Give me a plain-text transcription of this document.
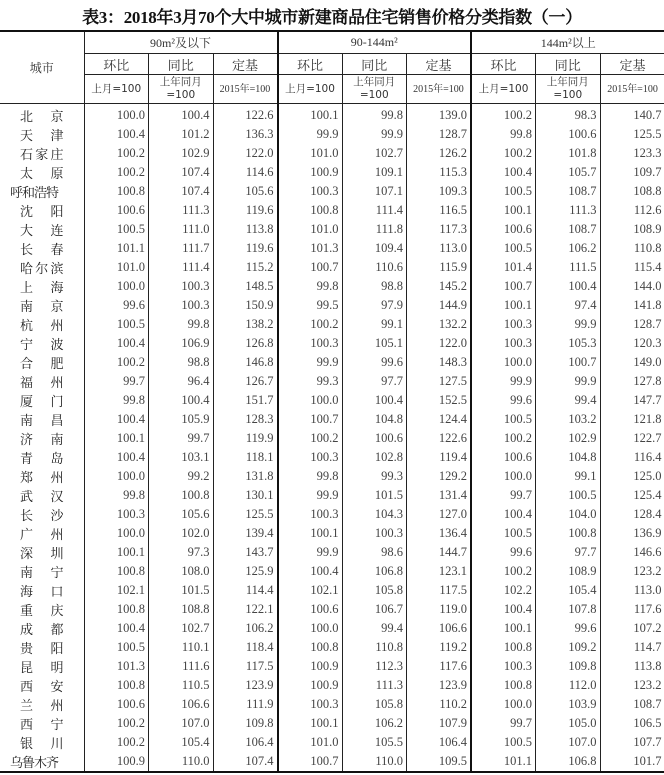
表3：2018年3月70个大中城市新建商品住宅销售价格分类指数（一）
城市	90m²及以下			90-144m²			144m²以上		
	环比	同比	定基	环比	同比	定基	环比	同比	定基
	上月=100	上年同月=100	2015年=100	上月=100	上年同月=100	2015年=100	上月=100	上年同月=100	2015年=100
北京	100.0	100.4	122.6	100.1	99.8	139.0	100.2	98.3	140.7
天津	100.4	101.2	136.3	99.9	99.9	128.7	99.8	100.6	125.5
石家庄	100.2	102.9	122.0	101.0	102.7	126.2	100.2	101.8	123.3
太原	100.2	107.4	114.6	100.9	109.1	115.3	100.4	105.7	109.7
呼和浩特	100.8	107.4	105.6	100.3	107.1	109.3	100.5	108.7	108.8
沈阳	100.6	111.3	119.6	100.8	111.4	116.5	100.1	111.3	112.6
大连	100.5	111.0	113.8	101.0	111.8	117.3	100.6	108.7	108.9
长春	101.1	111.7	119.6	101.3	109.4	113.0	100.5	106.2	110.8
哈尔滨	101.0	111.4	115.2	100.7	110.6	115.9	101.4	111.5	115.4
上海	100.0	100.3	148.5	99.8	98.8	145.2	100.7	100.4	144.0
南京	99.6	100.3	150.9	99.5	97.9	144.9	100.1	97.4	141.8
杭州	100.5	99.8	138.2	100.2	99.1	132.2	100.3	99.9	128.7
宁波	100.4	106.9	126.8	100.3	105.1	122.0	100.3	105.3	120.3
合肥	100.2	98.8	146.8	99.9	99.6	148.3	100.0	100.7	149.0
福州	99.7	96.4	126.7	99.3	97.7	127.5	99.9	99.9	127.8
厦门	99.8	100.4	151.7	100.0	100.4	152.5	99.6	99.4	147.7
南昌	100.4	105.9	128.3	100.7	104.8	124.4	100.5	103.2	121.8
济南	100.1	99.7	119.9	100.2	100.6	122.6	100.2	102.9	122.7
青岛	100.4	103.1	118.1	100.3	102.8	119.4	100.6	104.8	116.4
郑州	100.0	99.2	131.8	99.8	99.3	129.2	100.0	99.1	125.0
武汉	99.8	100.8	130.1	99.9	101.5	131.4	99.7	100.5	125.4
长沙	100.3	105.6	125.5	100.3	104.3	127.0	100.4	104.0	128.4
广州	100.0	102.0	139.4	100.1	100.3	136.4	100.5	100.8	136.9
深圳	100.1	97.3	143.7	99.9	98.6	144.7	99.6	97.7	146.6
南宁	100.8	108.0	125.9	100.4	106.8	123.1	100.2	108.9	123.2
海口	102.1	101.5	114.4	102.1	105.8	117.5	102.2	105.4	113.0
重庆	100.8	108.8	122.1	100.6	106.7	119.0	100.4	107.8	117.6
成都	100.4	102.7	106.2	100.0	99.4	106.6	100.1	99.6	107.2
贵阳	100.5	110.1	118.4	100.8	110.8	119.2	100.8	109.2	114.7
昆明	101.3	111.6	117.5	100.9	112.3	117.6	100.3	109.8	113.8
西安	100.8	110.5	123.9	100.9	111.3	123.9	100.8	112.0	123.2
兰州	100.6	106.6	111.9	100.3	105.8	110.2	100.0	103.9	108.7
西宁	100.2	107.0	109.8	100.1	106.2	107.9	99.7	105.0	106.5
银川	100.2	105.4	106.4	101.0	105.5	106.4	100.5	107.0	107.7
乌鲁木齐	100.9	110.0	107.4	100.7	110.0	109.5	101.1	106.8	101.7
